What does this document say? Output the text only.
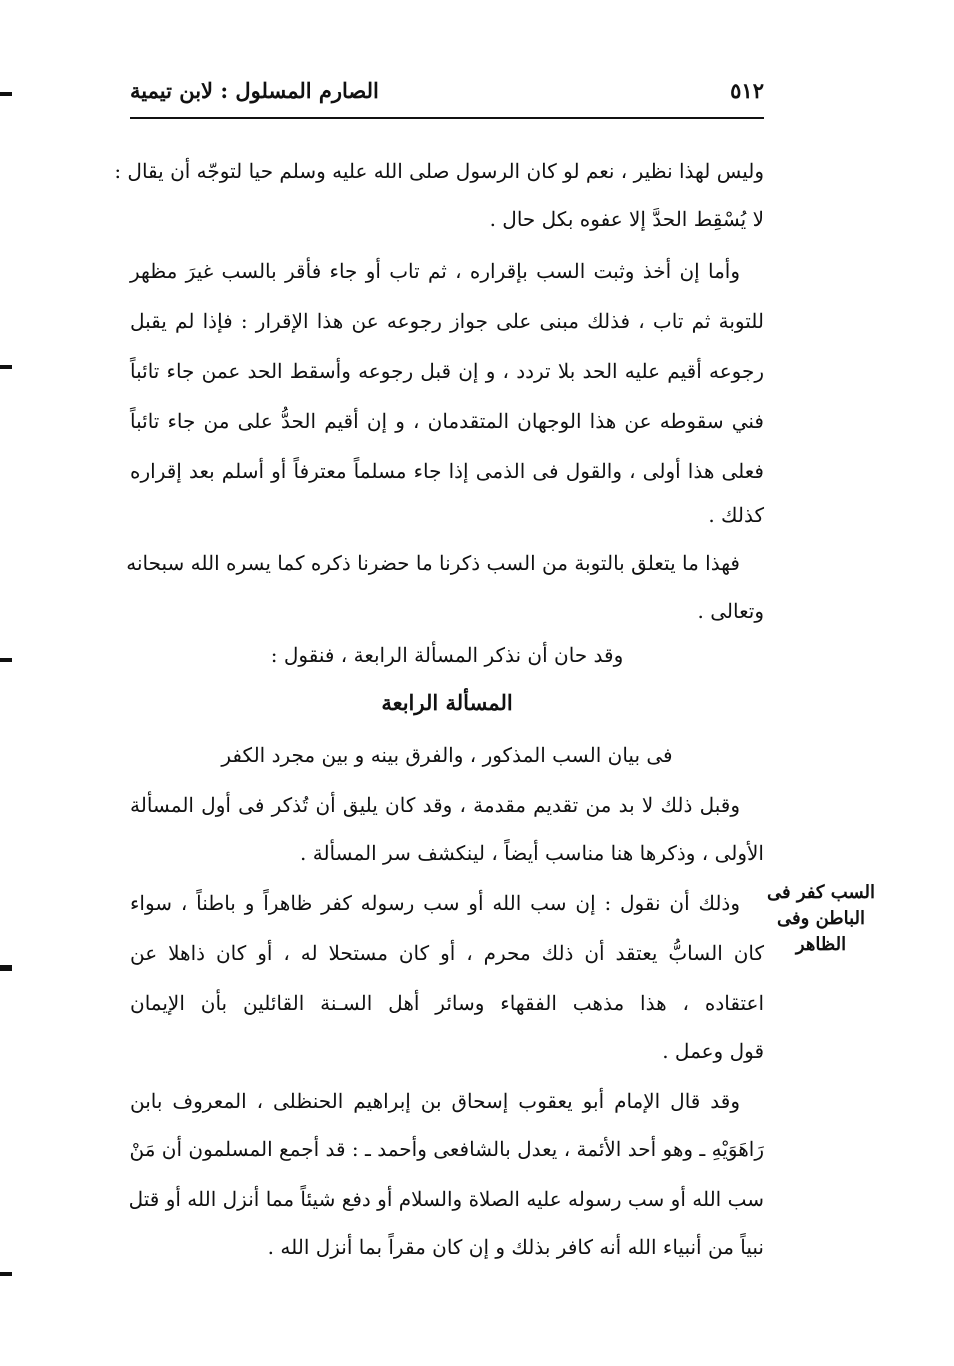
٥١٢
الصارم المسلول : لابن تيمية
وليس لهذا نظير ، نعم لو كان الرسول صلى الله عليه وسلم حيا لتوجّه أن يقال :
لا يُسْقِط الحدَّ إلا عفوه بكل حال .
وأما إن أخذ وثبت السب بإقراره ، ثم تاب أو جاء فأقر بالسب غيرَ مظهر
للتوبة ثم تاب ، فذلك مبنى على جواز رجوعه عن هذا الإقرار : فإذا لم يقبل
رجوعه أقيم عليه الحد بلا تردد ، و إن قبل رجوعه وأسقط الحد عمن جاء تائباً
فني سقوطه عن هذا الوجهان المتقدمان ، و إن أقيم الحدُّ على من جاء تائباً
فعلى هذا أولى ، والقول فى الذمى إذا جاء مسلماً معترفاً أو أسلم بعد إقراره
كذلك .
فهذا ما يتعلق بالتوبة من السب ذكرنا ما حضرنا ذكره كما يسره الله سبحانه
وتعالى .
وقد حان أن نذكر المسألة الرابعة ، فنقول :
المسألة الرابعة
فى بيان السب المذكور ، والفرق بينه و بين مجرد الكفر
وقبل ذلك لا بد من تقديم مقدمة ، وقد كان يليق أن تُذكر فى أول المسألة
الأولى ، وذكرها هنا مناسب أيضاً ، لينكشف سر المسألة .
وذلك أن نقول : إن سب الله أو سب رسوله كفر ظاهراً و باطناً ، سواء
كان السابُّ يعتقد أن ذلك محرم ، أو كان مستحلا له ، أو كان ذاهلا عن
اعتقاده ، هذا مذهب الفقهاء وسائر أهل السـنة القائلين بأن الإيمان
قول وعمل .
وقد قال الإمام أبو يعقوب إسحاق بن إبراهيم الحنظلى ، المعروف بابن
رَاهَوَيْهِ ـ وهو أحد الأئمة ، يعدل بالشافعى وأحمد ـ : قد أجمع المسلمون أن مَنْ
سب الله أو سب رسوله عليه الصلاة والسلام أو دفع شيئاً مما أنزل الله أو قتل
نبياً من أنبياء الله أنه كافر بذلك و إن كان مقراً بما أنزل الله .
السب كفر فى الباطن وفى الظاهر
